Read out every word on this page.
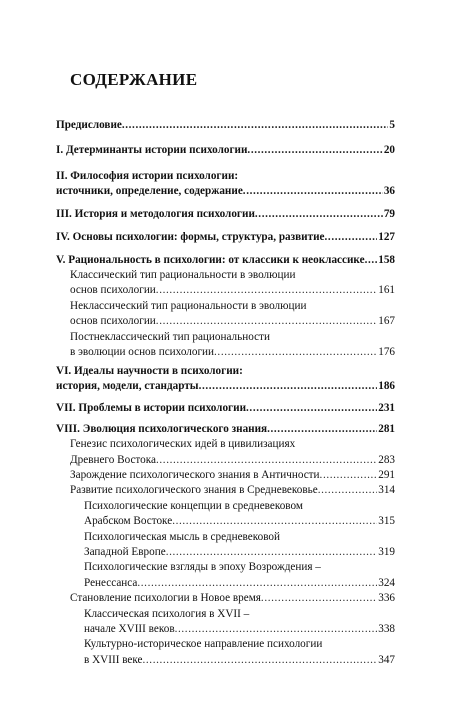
СОДЕРЖАНИЕ
Предисловие .....	5
I. Детерминанты истории психологии .....	20
II. Философия истории психологии:
источники, определение, содержание .....	36
III. История и методология психологии .....	79
IV. Основы психологии: формы, структура, развитие .....	127
V. Рациональность в психологии: от классики к неоклассике ..... 158
Классический тип рациональности в эволюции
основ психологии .....	161
Неклассический тип рациональности в эволюции
основ психологии .....	167
Постнеклассический тип рациональности
в эволюции основ психологии .....	176
VI. Идеалы научности в психологии:
история, модели, стандарты .....	186
VII. Проблемы в истории психологии .....	231
VIII. Эволюция психологического знания .....	281
Генезис психологических идей в цивилизациях
Древнего Востока .....	283
Зарождение психологического знания в Античности .....	291
Развитие психологического знания в Средневековье .....	314
Психологические концепции в средневековом
Арабском Востоке .....	315
Психологическая мысль в средневековой
Западной Европе .....	319
Психологические взгляды в эпоху Возрождения –
Ренессанса .....	324
Становление психологии в Новое время .....	336
Классическая психология в XVII –
начале XVIII веков .....	338
Культурно-историческое направление психологии
в XVIII веке .....	347
